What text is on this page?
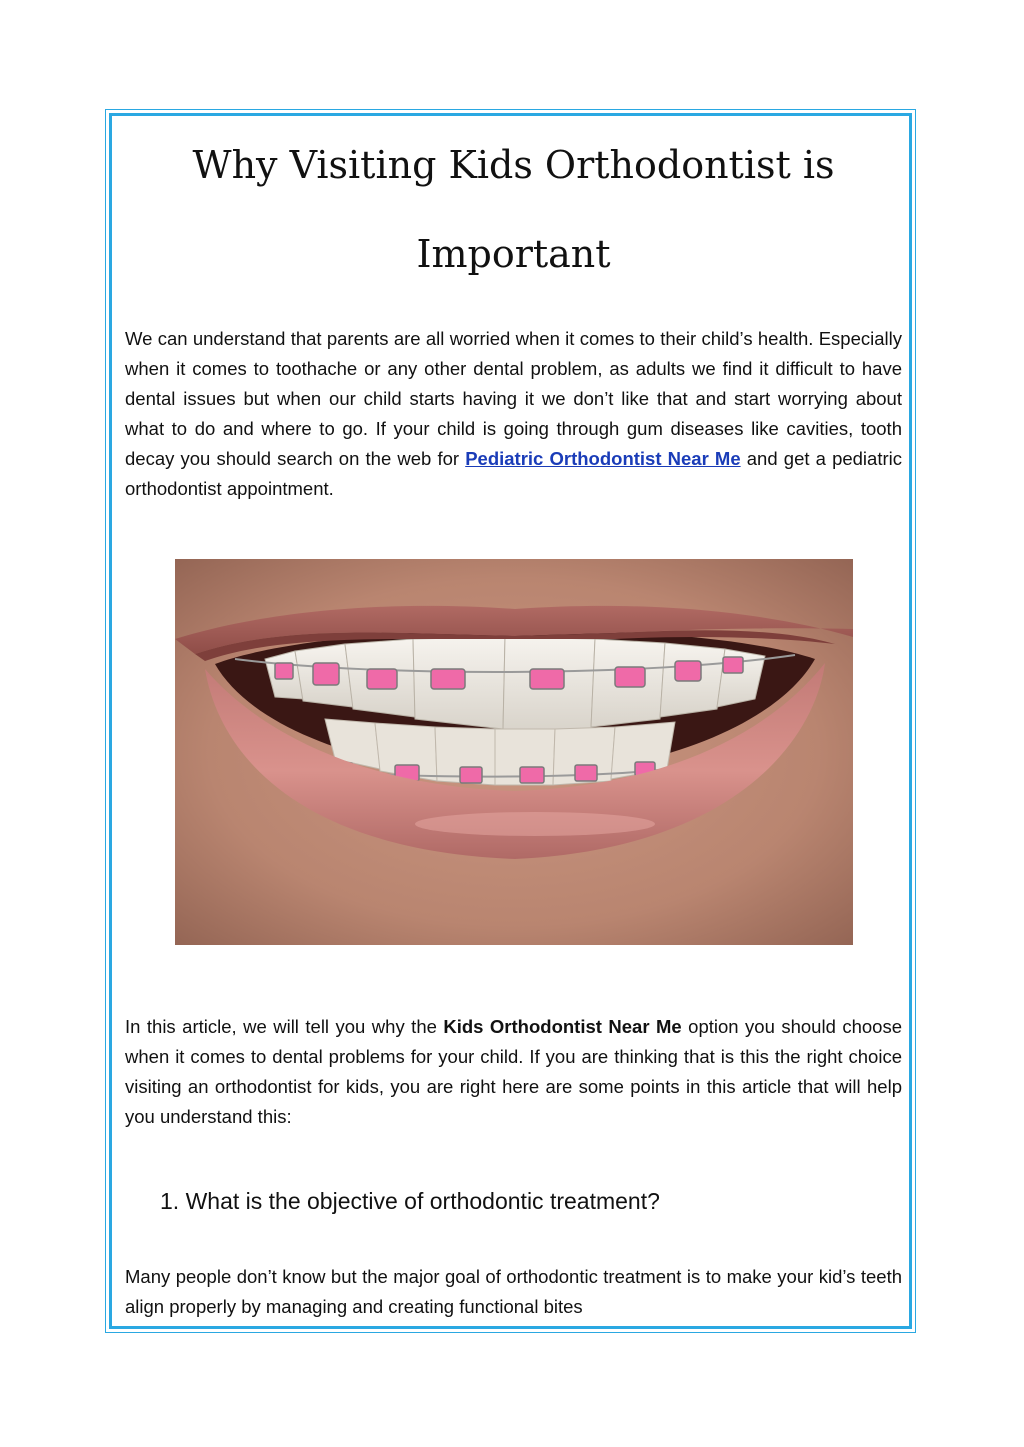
Why Visiting Kids Orthodontist is
Important

We can understand that parents are all worried when it comes to their child’s health. Especially when it comes to toothache or any other dental problem, as adults we find it difficult to have dental issues but when our child starts having it we don’t like that and start worrying about what to do and where to go. If your child is going through gum diseases like cavities, tooth decay you should search on the web for Pediatric Orthodontist Near Me and get a pediatric orthodontist appointment.

In this article, we will tell you why the Kids Orthodontist Near Me option you should choose when it comes to dental problems for your child. If you are thinking that is this the right choice visiting an orthodontist for kids, you are right here are some points in this article that will help you understand this:

1. What is the objective of orthodontic treatment?

Many people don’t know but the major goal of orthodontic treatment is to make your kid’s teeth align properly by managing and creating functional bites
